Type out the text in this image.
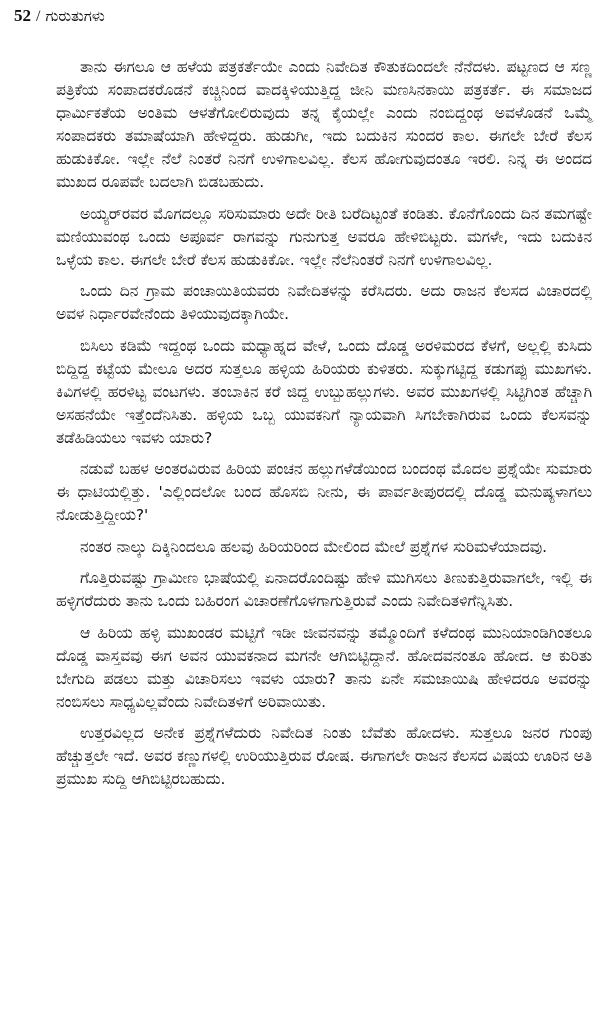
52 / ಗುರುತುಗಳು

ತಾನು ಈಗಲೂ ಆ ಹಳೆಯ ಪತ್ರಕರ್ತೆಯೇ ಎಂದು ನಿವೇದಿತ ಕೌತುಕದಿಂದಲೇ ನೆನೆದಳು. ಪಟ್ಟಣದ ಆ ಸಣ್ಣ ಪತ್ರಿಕೆಯ ಸಂಪಾದಕರೊಡನೆ ಕಚ್ಚಿನಿಂದ ವಾದಕ್ಕಿಳಿಯುತ್ತಿದ್ದ ಜೀನಿ ಮಣಸಿನಕಾಯಿ ಪತ್ರಕರ್ತೆ. ಈ ಸಮಾಜದ ಧಾರ್ಮಿಕತೆಯ ಅಂತಿಮ ಆಳತೆಗೋಲಿರುವುದು ತನ್ನ ಕೈಯಲ್ಲೇ ಎಂದು ನಂಬಿದ್ದಂಥ ಅವಳೊಡನೆ ಒಮ್ಮೆ ಸಂಪಾದಕರು ತಮಾಷೆಯಾಗಿ ಹೇಳಿದ್ದರು. ಹುಡುಗೀ, ಇದು ಬದುಕಿನ ಸುಂದರ ಕಾಲ. ಈಗಲೇ ಬೇರೆ ಕೆಲಸ ಹುಡುಕಿಕೋ. ಇಲ್ಲೇ ನೆಲೆ ನಿಂತರೆ ನಿನಗೆ ಉಳಿಗಾಲವಿಲ್ಲ. ಕೆಲಸ ಹೋಗುವುದಂತೂ ಇರಲಿ. ನಿನ್ನ ಈ ಅಂದದ ಮುಖದ ರೂಪವೇ ಬದಲಾಗಿ ಬಿಡಬಹುದು.

ಅಯ್ಯರ್‌ರವರ ಮೊಗದಲ್ಲೂ ಸರಿಸುಮಾರು ಅದೇ ರೀತಿ ಬರೆದಿಟ್ಟಂತೆ ಕಂಡಿತು. ಕೊನೆಗೊಂದು ದಿನ ತಮಗಷ್ಟೇ ಮಣಿಯುವಂಥ ಒಂದು ಅಪೂರ್ವ ರಾಗವನ್ನು ಗುನುಗುತ್ತ ಅವರೂ ಹೇಳಿಬಿಟ್ಟರು. ಮಗಳೇ, ಇದು ಬದುಕಿನ ಒಳ್ಳೆಯ ಕಾಲ. ಈಗಲೇ ಬೇರೆ ಕೆಲಸ ಹುಡುಕಿಕೋ. ಇಲ್ಲೇ ನೆಲೆನಿಂತರೆ ನಿನಗೆ ಉಳಿಗಾಲವಿಲ್ಲ.

ಒಂದು ದಿನ ಗ್ರಾಮ ಪಂಚಾಯಿತಿಯವರು ನಿವೇದಿತಳನ್ನು ಕರೆಸಿದರು. ಅದು ರಾಜನ ಕೆಲಸದ ವಿಚಾರದಲ್ಲಿ ಅವಳ ನಿರ್ಧಾರವೇನೆಂದು ತಿಳಿಯುವುದಕ್ಕಾಗಿಯೇ.

ಬಿಸಿಲು ಕಡಿಮೆ ಇದ್ದಂಥ ಒಂದು ಮಧ್ಯಾಹ್ನದ ವೇಳೆ, ಒಂದು ದೊಡ್ಡ ಅರಳಿಮರದ ಕೆಳಗೆ, ಅಲ್ಲಲ್ಲಿ ಕುಸಿದು ಬಿದ್ದಿದ್ದ ಕಟ್ಟೆಯ ಮೇಲೂ ಅದರ ಸುತ್ತಲೂ ಹಳ್ಳಿಯ ಹಿರಿಯರು ಕುಳಿತರು. ಸುಕ್ಕುಗಟ್ಟಿದ್ದ ಕಡುಗಪ್ಪು ಮುಖಗಳು. ಕಿವಿಗಳಲ್ಲಿ ಹರಳಿಟ್ಟ ವಂಟಗಳು. ತಂಬಾಕಿನ ಕರೆ ಜಿದ್ದ ಉಬ್ಬುಹಲ್ಲುಗಳು. ಅವರ ಮುಖಗಳಲ್ಲಿ ಸಿಟ್ಟಿಗಿಂತ ಹೆಚ್ಚಾಗಿ ಅಸಹನೆಯೇ ಇತ್ತೆಂದೆನಿಸಿತು. ಹಳ್ಳಿಯ ಒಬ್ಬ ಯುವಕನಿಗೆ ನ್ಯಾಯವಾಗಿ ಸಿಗಬೇಕಾಗಿರುವ ಒಂದು ಕೆಲಸವನ್ನು ತಡೆಹಿಡಿಯಲು ಇವಳು ಯಾರು?

ನಡುವೆ ಬಹಳ ಅಂತರವಿರುವ ಹಿರಿಯ ಪಂಚನ ಹಲ್ಲುಗಳೆಡೆಯಿಂದ ಬಂದಂಥ ಮೊದಲ ಪ್ರಶ್ನೆಯೇ ಸುಮಾರು ಈ ಧಾಟಿಯಲ್ಲಿತ್ತು. 'ಎಲ್ಲಿಂದಲೋ ಬಂದ ಹೊಸಬಿ ನೀನು, ಈ ಪಾರ್ವತೀಪುರದಲ್ಲಿ ದೊಡ್ಡ ಮನುಷ್ಯಳಾಗಲು ನೋಡುತ್ತಿದ್ದೀಯ?'

ನಂತರ ನಾಲ್ಕು ದಿಕ್ಕಿನಿಂದಲೂ ಹಲವು ಹಿರಿಯರಿಂದ ಮೇಲಿಂದ ಮೇಲೆ ಪ್ರಶ್ನೆಗಳ ಸುರಿಮಳೆಯಾದವು.

ಗೊತ್ತಿರುವಷ್ಟು ಗ್ರಾಮೀಣ ಭಾಷೆಯಲ್ಲಿ ಏನಾದರೊಂದಿಷ್ಟು ಹೇಳಿ ಮುಗಿಸಲು ತಿಣುಕುತ್ತಿರುವಾಗಲೇ, ಇಲ್ಲಿ ಈ ಹಳ್ಳಿಗರೆದುರು ತಾನು ಒಂದು ಬಹಿರಂಗ ವಿಚಾರಣೆಗೊಳಗಾಗುತ್ತಿರುವೆ ಎಂದು ನಿವೇದಿತಳಿಗೆನ್ನಿಸಿತು.

ಆ ಹಿರಿಯ ಹಳ್ಳಿ ಮುಖಂಡರ ಮಟ್ಟಿಗೆ ಇಡೀ ಜೀವನವನ್ನು ತಮ್ಮೊಂದಿಗೆ ಕಳೆದಂಥ ಮುನಿಯಾಂಡಿಗಿಂತಲೂ ದೊಡ್ಡ ವಾಸ್ತವವು ಈಗ ಅವನ ಯುವಕನಾದ ಮಗನೇ ಆಗಿಬಿಟ್ಟಿದ್ದಾನೆ. ಹೋದವನಂತೂ ಹೋದ. ಆ ಕುರಿತು ಬೇಗುದಿ ಪಡಲು ಮತ್ತು ವಿಚಾರಿಸಲು ಇವಳು ಯಾರು? ತಾನು ಏನೇ ಸಮಜಾಯಿಷಿ ಹೇಳಿದರೂ ಅವರನ್ನು ನಂಬಿಸಲು ಸಾಧ್ಯವಿಲ್ಲವೆಂದು ನಿವೇದಿತಳಿಗೆ ಅರಿವಾಯಿತು.

ಉತ್ತರವಿಲ್ಲದ ಅನೇಕ ಪ್ರಶ್ನೆಗಳೆದುರು ನಿವೇದಿತ ನಿಂತು ಬೆವೆತು ಹೋದಳು. ಸುತ್ತಲೂ ಜನರ ಗುಂಪು ಹೆಚ್ಚುತ್ತಲೇ ಇದೆ. ಅವರ ಕಣ್ಣುಗಳಲ್ಲಿ ಉರಿಯುತ್ತಿರುವ ರೋಷ. ಈಗಾಗಲೇ ರಾಜನ ಕೆಲಸದ ವಿಷಯ ಊರಿನ ಅತಿ ಪ್ರಮುಖ ಸುದ್ದಿ ಆಗಿಬಿಟ್ಟಿರಬಹುದು.
